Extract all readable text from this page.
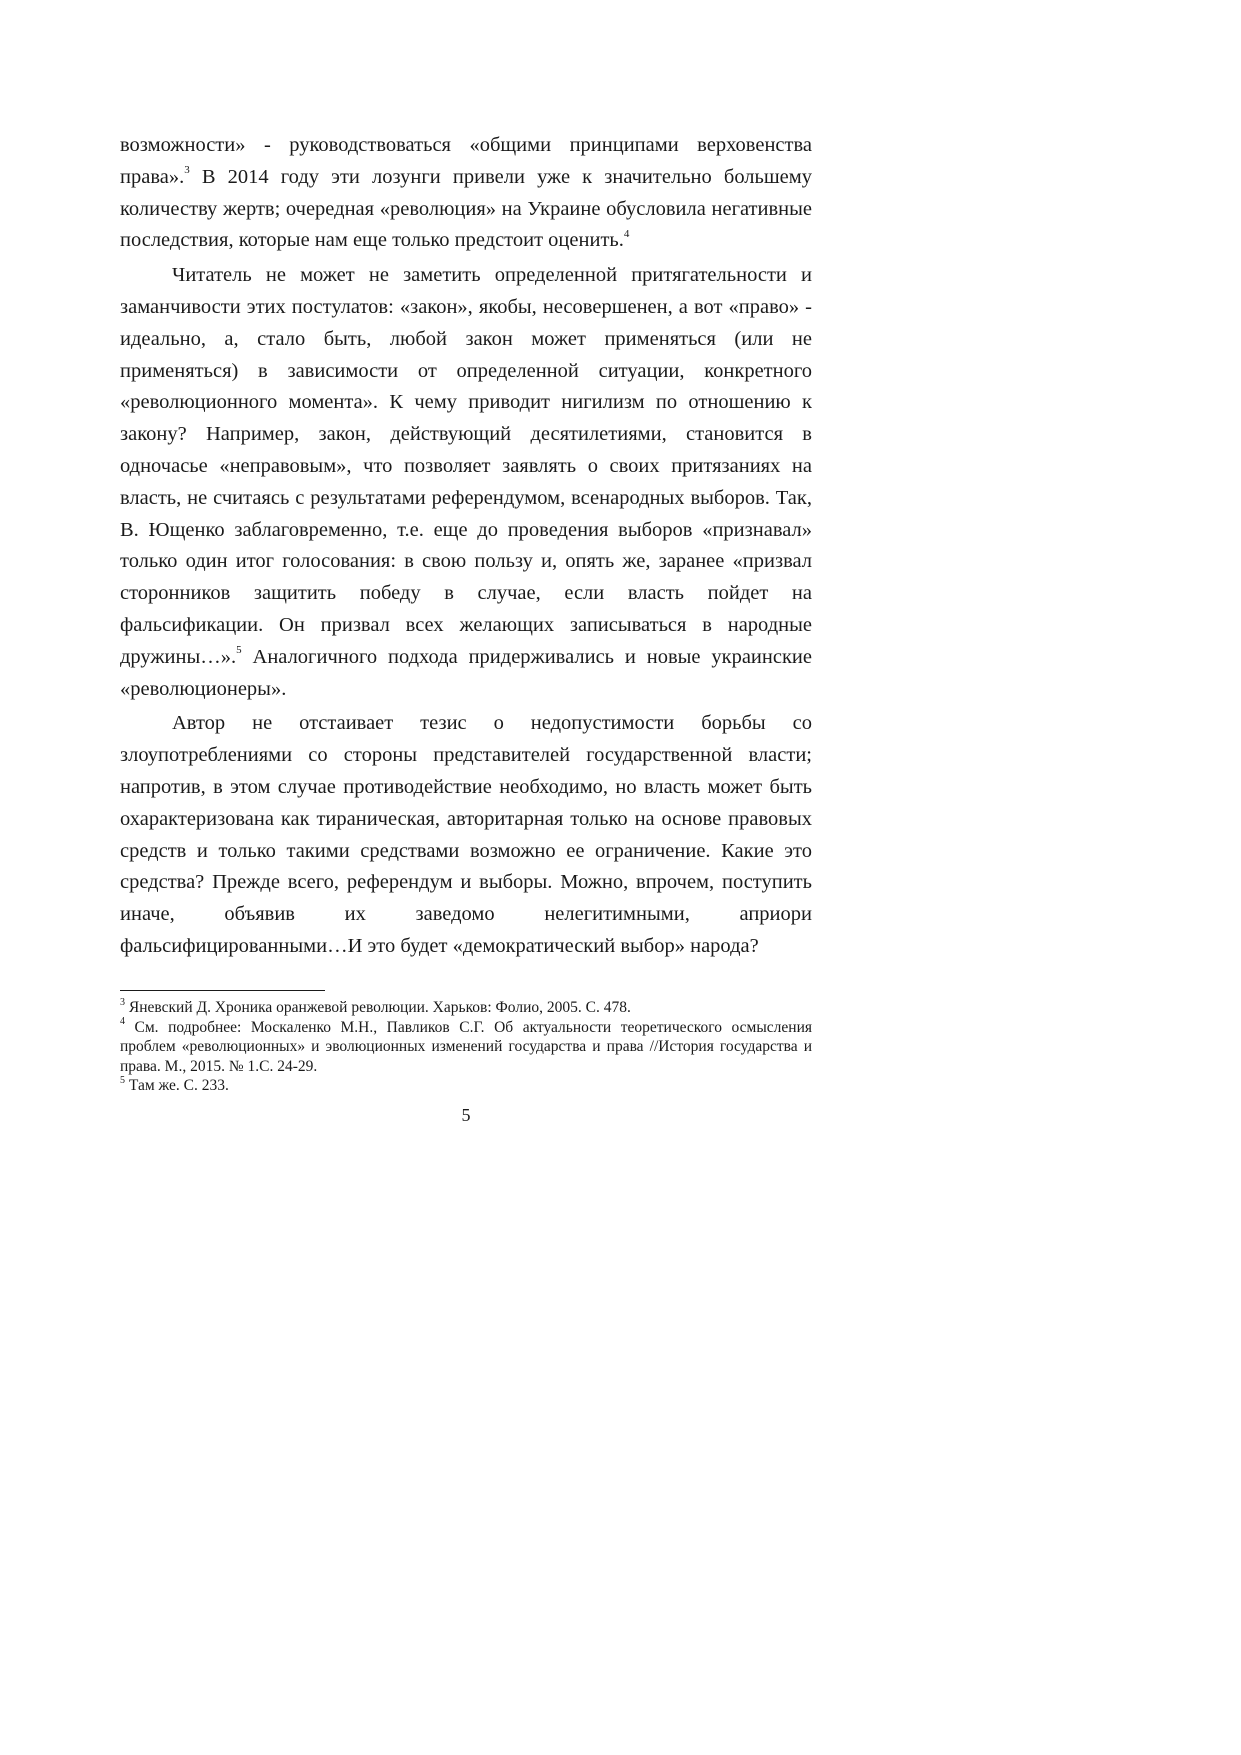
возможности» - руководствоваться «общими принципами верховенства права».$^3$ В 2014 году эти лозунги привели уже к значительно большему количеству жертв; очередная «революция» на Украине обусловила негативные последствия, которые нам еще только предстоит оценить.$^4$

Читатель не может не заметить определенной притягательности и заманчивости этих постулатов: «закон», якобы, несовершенен, а вот «право» - идеально, а, стало быть, любой закон может применяться (или не применяться) в зависимости от определенной ситуации, конкретного «революционного момента». К чему приводит нигилизм по отношению к закону? Например, закон, действующий десятилетиями, становится в одночасье «неправовым», что позволяет заявлять о своих притязаниях на власть, не считаясь с результатами референдумом, всенародных выборов. Так, В. Ющенко заблаговременно, т.е. еще до проведения выборов «признавал» только один итог голосования: в свою пользу и, опять же, заранее «призвал сторонников защитить победу в случае, если власть пойдет на фальсификации. Он призвал всех желающих записываться в народные дружины…».$^5$ Аналогичного подхода придерживались и новые украинские «революционеры».

Автор не отстаивает тезис о недопустимости борьбы со злоупотреблениями со стороны представителей государственной власти; напротив, в этом случае противодействие необходимо, но власть может быть охарактеризована как тираническая, авторитарная только на основе правовых средств и только такими средствами возможно ее ограничение. Какие это средства? Прежде всего, референдум и выборы. Можно, впрочем, поступить иначе, объявив их заведомо нелегитимными, априори фальсифицированными…И это будет «демократический выбор» народа?

$^3$ Яневский Д. Хроника оранжевой революции. Харьков: Фолио, 2005. С. 478.

$^4$ См. подробнее: Москаленко М.Н., Павликов С.Г. Об актуальности теоретического осмысления проблем «революционных» и эволюционных изменений государства и права //История государства и права. М., 2015. № 1.С. 24-29.

$^5$ Там же. С. 233.

5
